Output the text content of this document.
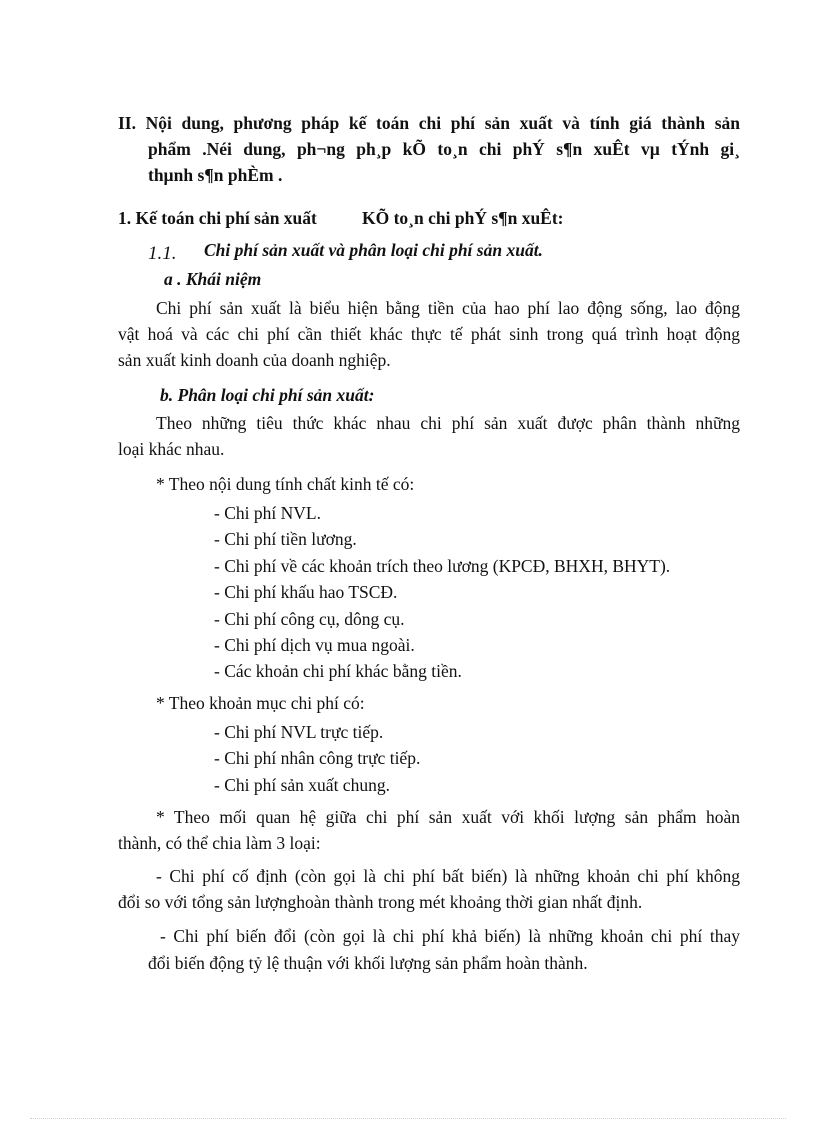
II. Nội dung, phương pháp kế toán chi phí sản xuất và tính giá thành sản
phẩm .Néi dung, ph¬ng ph¸p kÕ to¸n chi phÝ s¶n xuÊt vµ tÝnh gi¸
thµnh s¶n phÈm .
1. Kế toán chi phí sản xuất	KÕ to¸n chi phÝ s¶n xuÊt:
1.1. Chi phí sản xuất và phân loại chi phí sản xuất.
a . Khái niệm
Chi phí sản xuất là biểu hiện bằng tiền của hao phí lao động sống, lao động
vật hoá và các chi phí cần thiết khác thực tế phát sinh trong quá trình hoạt động
sản xuất kinh doanh của doanh nghiệp.
b. Phân loại chi phí sản xuất:
Theo những tiêu thức khác nhau chi phí sản xuất được phân thành những
loại khác nhau.
* Theo nội dung tính chất kinh tế có:
- Chi phí NVL.
- Chi phí tiền lương.
- Chi phí về các khoản trích theo lương (KPCĐ, BHXH, BHYT).
- Chi phí khấu hao TSCĐ.
- Chi phí công cụ, dông cụ.
- Chi phí dịch vụ mua ngoài.
- Các khoản chi phí khác bằng tiền.
* Theo khoản mục chi phí có:
- Chi phí NVL trực tiếp.
- Chi phí nhân công trực tiếp.
- Chi phí sản xuất chung.
* Theo mối quan hệ giữa chi phí sản xuất với khối lượng sản phẩm hoàn
thành, có thể chia làm 3 loại:
- Chi phí cố định (còn gọi là chi phí bất biến) là những khoản chi phí không
đổi so với tổng sản lượnghoàn thành trong mét khoảng thời gian nhất định.
- Chi phí biến đổi (còn gọi là chi phí khả biến) là những khoản chi phí thay
đổi biến động tỷ lệ thuận với khối lượng sản phẩm hoàn thành.
